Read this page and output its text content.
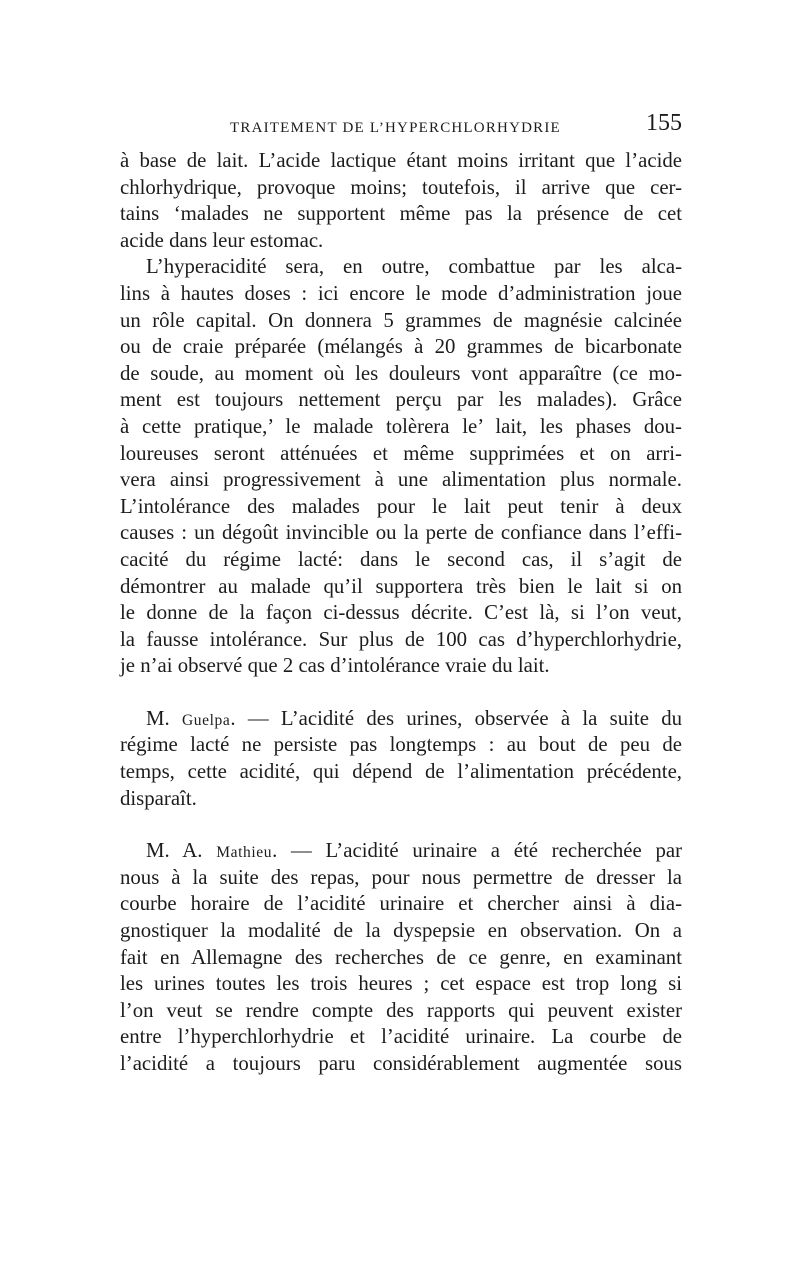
TRAITEMENT DE L’HYPERCHLORHYDRIE	155
à base de lait. L’acide lactique étant moins irritant que l’acide
chlorhydrique, provoque moins; toutefois, il arrive que cer-
tains ‘malades ne supportent même pas la présence de cet
acide dans leur estomac.
L’hyperacidité sera, en outre, combattue par les alca-
lins à hautes doses : ici encore le mode d’administration joue
un rôle capital. On donnera 5 grammes de magnésie calcinée
ou de craie préparée (mélangés à 20 grammes de bicarbonate
de soude, au moment où les douleurs vont apparaître (ce mo-
ment est toujours nettement perçu par les malades). Grâce
à cette pratique,’ le malade tolèrera le’ lait, les phases dou-
loureuses seront atténuées et même supprimées et on arri-
vera ainsi progressivement à une alimentation plus normale.
L’intolérance des malades pour le lait peut tenir à deux
causes : un dégoût invincible ou la perte de confiance dans l’effi-
cacité du régime lacté: dans le second cas, il s’agit de
démontrer au malade qu’il supportera très bien le lait si on
le donne de la façon ci-dessus décrite. C’est là, si l’on veut,
la fausse intolérance. Sur plus de 100 cas d’hyperchlorhydrie,
je n’ai observé que 2 cas d’intolérance vraie du lait.
M. Guelpa. — L’acidité des urines, observée à la suite du
régime lacté ne persiste pas longtemps : au bout de peu de
temps, cette acidité, qui dépend de l’alimentation précédente,
disparaît.
M. A. Mathieu. — L’acidité urinaire a été recherchée par
nous à la suite des repas, pour nous permettre de dresser la
courbe horaire de l’acidité urinaire et chercher ainsi à dia-
gnostiquer la modalité de la dyspepsie en observation. On a
fait en Allemagne des recherches de ce genre, en examinant
les urines toutes les trois heures ; cet espace est trop long si
l’on veut se rendre compte des rapports qui peuvent exister
entre l’hyperchlorhydrie et l’acidité urinaire. La courbe de
l’acidité a toujours paru considérablement augmentée sous
